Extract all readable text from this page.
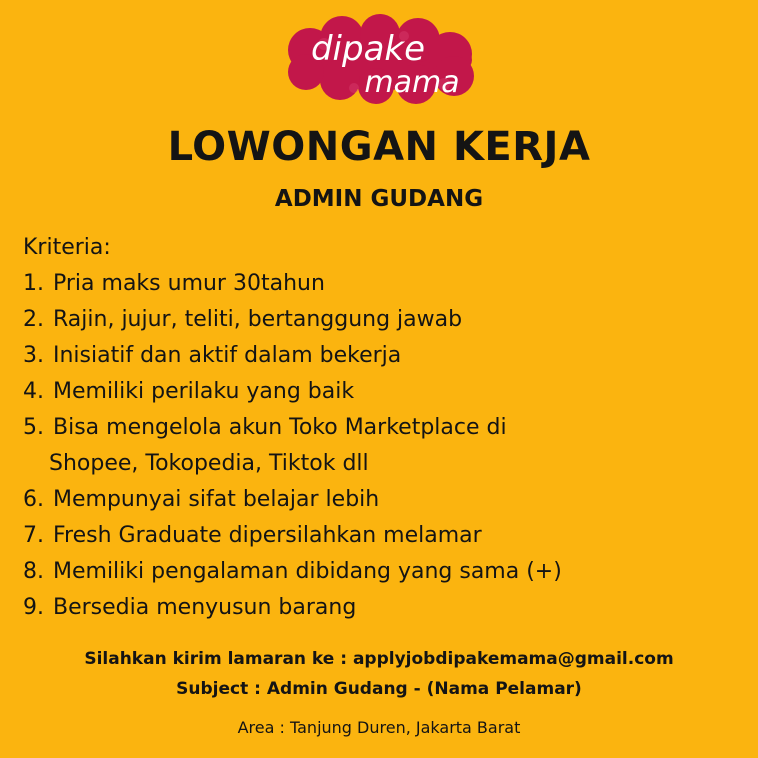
dipake
mama
LOWONGAN KERJA
ADMIN GUDANG
Kriteria:
1. Pria maks umur 30tahun
2. Rajin, jujur, teliti, bertanggung jawab
3. Inisiatif dan aktif dalam bekerja
4. Memiliki perilaku yang baik
5. Bisa mengelola akun Toko Marketplace di
Shopee, Tokopedia, Tiktok dll
6. Mempunyai sifat belajar lebih
7. Fresh Graduate dipersilahkan melamar
8. Memiliki pengalaman dibidang yang sama (+)
9. Bersedia menyusun barang
Silahkan kirim lamaran ke : applyjobdipakemama@gmail.com
Subject : Admin Gudang - (Nama Pelamar)
Area : Tanjung Duren, Jakarta Barat
